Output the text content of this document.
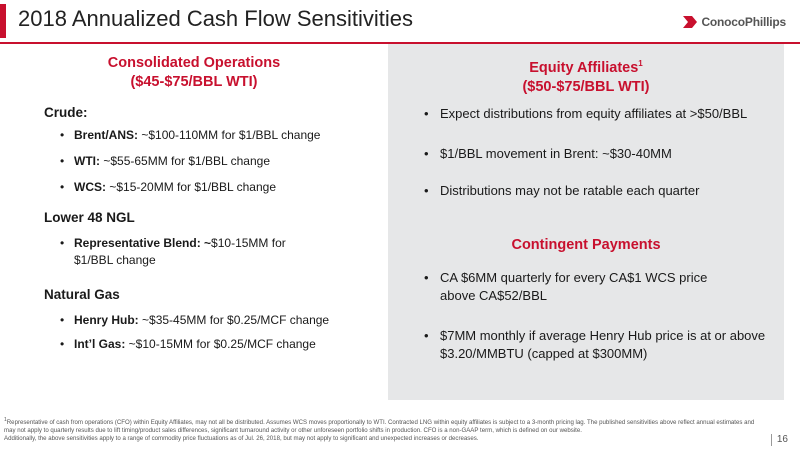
2018 Annualized Cash Flow Sensitivities	ConocoPhillips
Consolidated Operations
($45-$75/BBL WTI)
Crude:
• Brent/ANS: ~$100-110MM for $1/BBL change
• WTI: ~$55-65MM for $1/BBL change
• WCS: ~$15-20MM for $1/BBL change
Lower 48 NGL
• Representative Blend: ~$10-15MM for $1/BBL change
Natural Gas
• Henry Hub: ~$35-45MM for $0.25/MCF change
• Int’l Gas: ~$10-15MM for $0.25/MCF change
Equity Affiliates$^1$
($50-$75/BBL WTI)
Contingent Payments
• Expect distributions from equity affiliates at >$50/BBL
• $1/BBL movement in Brent: ~$30-40MM
• Distributions may not be ratable each quarter
• CA $6MM quarterly for every CA$1 WCS price above CA$52/BBL
• $7MM monthly if average Henry Hub price is at or above $3.20/MMBTU (capped at $300MM)
$^1$Representative of cash from operations (CFO) within Equity Affiliates, may not all be distributed. Assumes WCS moves proportionally to WTI. Contracted LNG within equity affiliates is subject to a 3-month pricing lag. The published sensitivities above reflect annual estimates and may not apply to quarterly results due to lift timing/product sales differences, significant turnaround activity or other unforeseen portfolio shifts in production. CFO is a non-GAAP term, which is defined on our website.
Additionally, the above sensitivities apply to a range of commodity price fluctuations as of Jul. 26, 2018, but may not apply to significant and unexpected increases or decreases.	16
